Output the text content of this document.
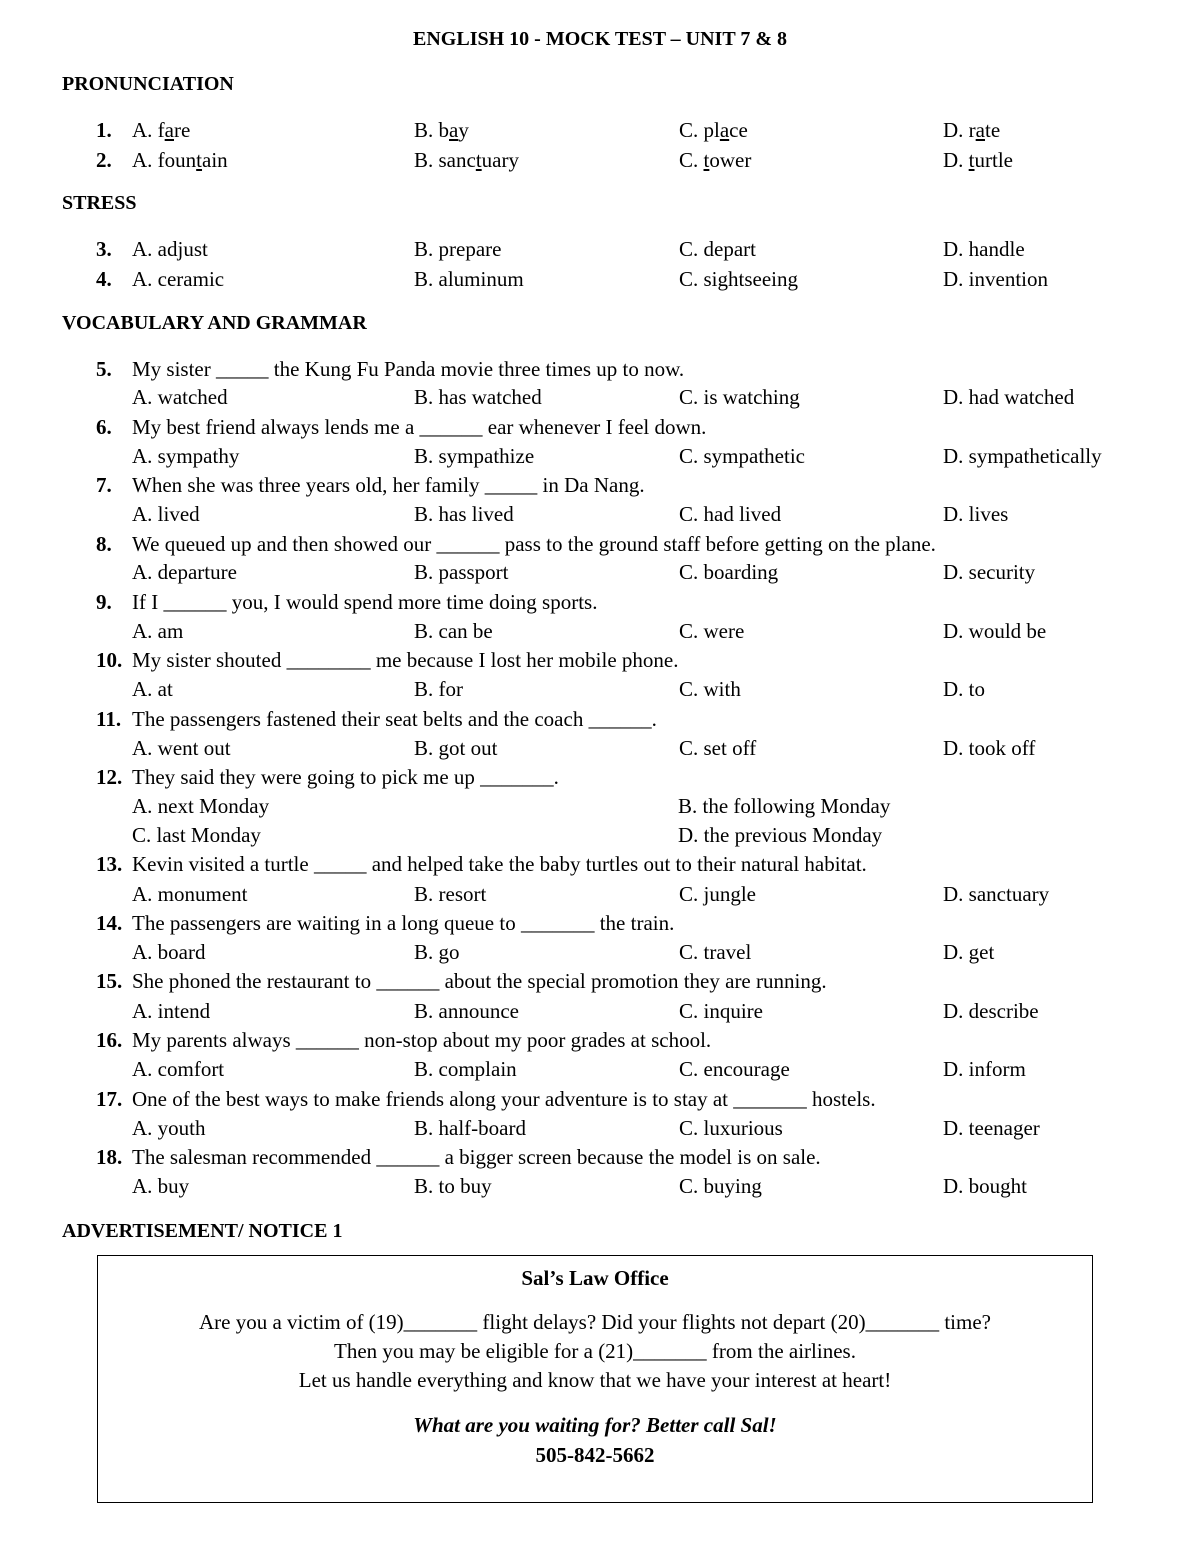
ENGLISH 10 - MOCK TEST – UNIT 7 & 8
PRONUNCIATION
1. A. fare	B. bay	C. place	D. rate
2. A. fountain	B. sanctuary	C. tower	D. turtle
STRESS
3. A. adjust	B. prepare	C. depart	D. handle
4. A. ceramic	B. aluminum	C. sightseeing	D. invention
VOCABULARY AND GRAMMAR
5. My sister _____ the Kung Fu Panda movie three times up to now.
A. watched	B. has watched	C. is watching	D. had watched
6. My best friend always lends me a ______ ear whenever I feel down.
A. sympathy	B. sympathize	C. sympathetic	D. sympathetically
7. When she was three years old, her family _____ in Da Nang.
A. lived	B. has lived	C. had lived	D. lives
8. We queued up and then showed our ______ pass to the ground staff before getting on the plane.
A. departure	B. passport	C. boarding	D. security
9. If I ______ you, I would spend more time doing sports.
A. am	B. can be	C. were	D. would be
10. My sister shouted ________ me because I lost her mobile phone.
A. at	B. for	C. with	D. to
11. The passengers fastened their seat belts and the coach ______.
A. went out	B. got out	C. set off	D. took off
12. They said they were going to pick me up _______.
A. next Monday	B. the following Monday
C. last Monday	D. the previous Monday
13. Kevin visited a turtle _____ and helped take the baby turtles out to their natural habitat.
A. monument	B. resort	C. jungle	D. sanctuary
14. The passengers are waiting in a long queue to _______ the train.
A. board	B. go	C. travel	D. get
15. She phoned the restaurant to ______ about the special promotion they are running.
A. intend	B. announce	C. inquire	D. describe
16. My parents always ______ non-stop about my poor grades at school.
A. comfort	B. complain	C. encourage	D. inform
17. One of the best ways to make friends along your adventure is to stay at _______ hostels.
A. youth	B. half-board	C. luxurious	D. teenager
18. The salesman recommended ______ a bigger screen because the model is on sale.
A. buy	B. to buy	C. buying	D. bought
ADVERTISEMENT/ NOTICE 1
Sal’s Law Office
Are you a victim of (19)_______ flight delays? Did your flights not depart (20)_______ time?
Then you may be eligible for a (21)_______ from the airlines.
Let us handle everything and know that we have your interest at heart!
What are you waiting for? Better call Sal!
505-842-5662
